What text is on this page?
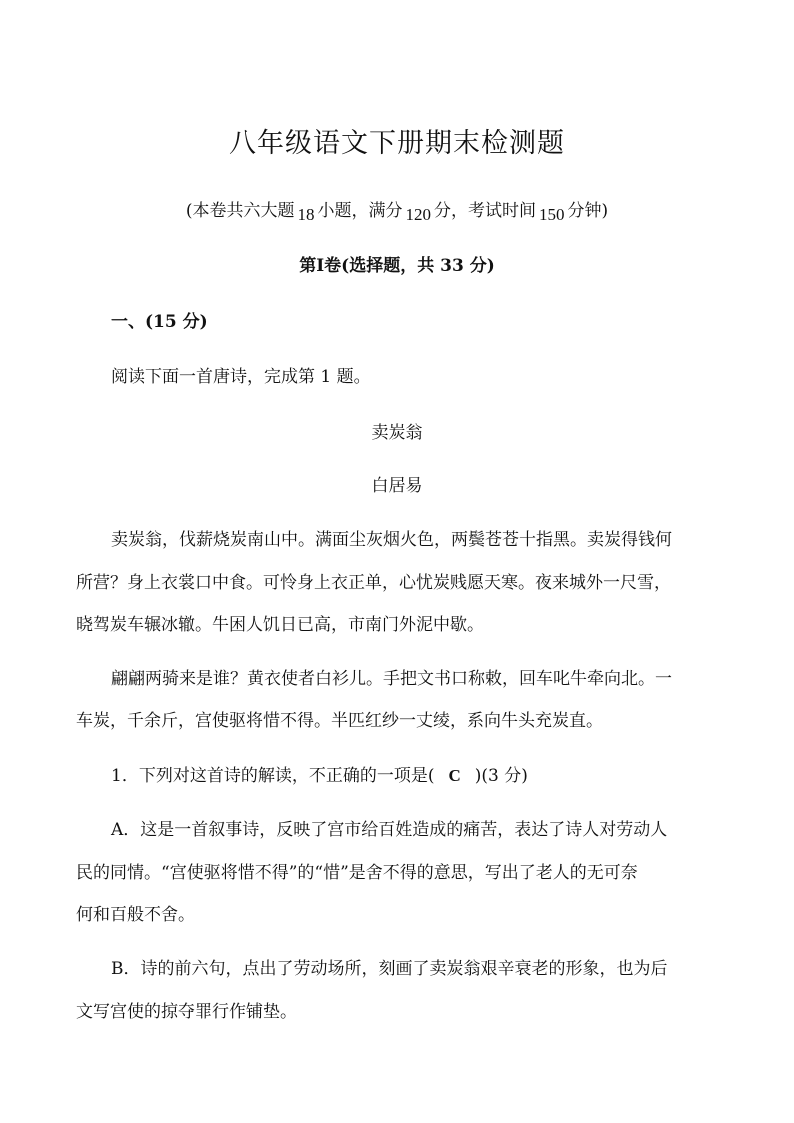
八年级语文下册期末检测题
(本卷共六大题 18 小题，满分 120 分，考试时间 150 分钟)
第Ⅰ卷(选择题，共 33 分)
一、(15 分)
阅读下面一首唐诗，完成第 1 题。
卖炭翁
白居易
卖炭翁，伐薪烧炭南山中。满面尘灰烟火色，两鬓苍苍十指黑。卖炭得钱何
所营？身上衣裳口中食。可怜身上衣正单，心忧炭贱愿天寒。夜来城外一尺雪，
晓驾炭车辗冰辙。牛困人饥日已高，市南门外泥中歇。
翩翩两骑来是谁？黄衣使者白衫儿。手把文书口称敕，回车叱牛牵向北。一
车炭，千余斤，宫使驱将惜不得。半匹红纱一丈绫，系向牛头充炭直。
1．下列对这首诗的解读，不正确的一项是( C )(3 分)
A．这是一首叙事诗，反映了宫市给百姓造成的痛苦，表达了诗人对劳动人
民的同情。“宫使驱将惜不得”的“惜”是舍不得的意思，写出了老人的无可奈
何和百般不舍。
B．诗的前六句，点出了劳动场所，刻画了卖炭翁艰辛衰老的形象，也为后
文写宫使的掠夺罪行作铺垫。
